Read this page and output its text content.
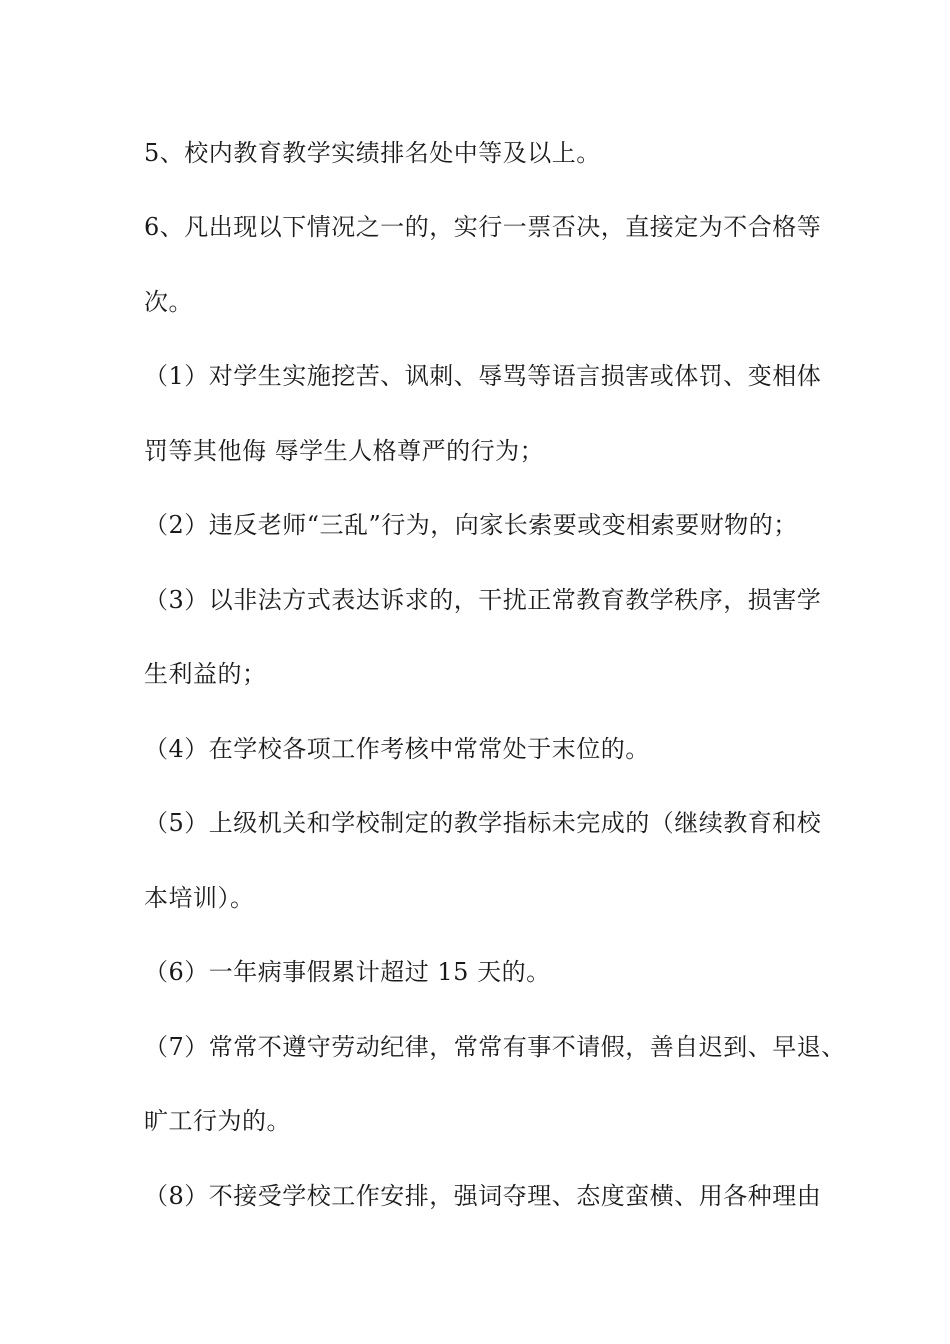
5、校内教育教学实绩排名处中等及以上。
6、凡出现以下情况之一的，实行一票否决，直接定为不合格等
次。
（1）对学生实施挖苦、讽刺、辱骂等语言损害或体罚、变相体
罚等其他侮 辱学生人格尊严的行为；
（2）违反老师“三乱”行为，向家长索要或变相索要财物的；
（3）以非法方式表达诉求的，干扰正常教育教学秩序，损害学
生利益的；
（4）在学校各项工作考核中常常处于末位的。
（5）上级机关和学校制定的教学指标未完成的（继续教育和校
本培训）。
（6）一年病事假累计超过 15 天的。
（7）常常不遵守劳动纪律，常常有事不请假，善自迟到、早退、
旷工行为的。
（8）不接受学校工作安排，强词夺理、态度蛮横、用各种理由
